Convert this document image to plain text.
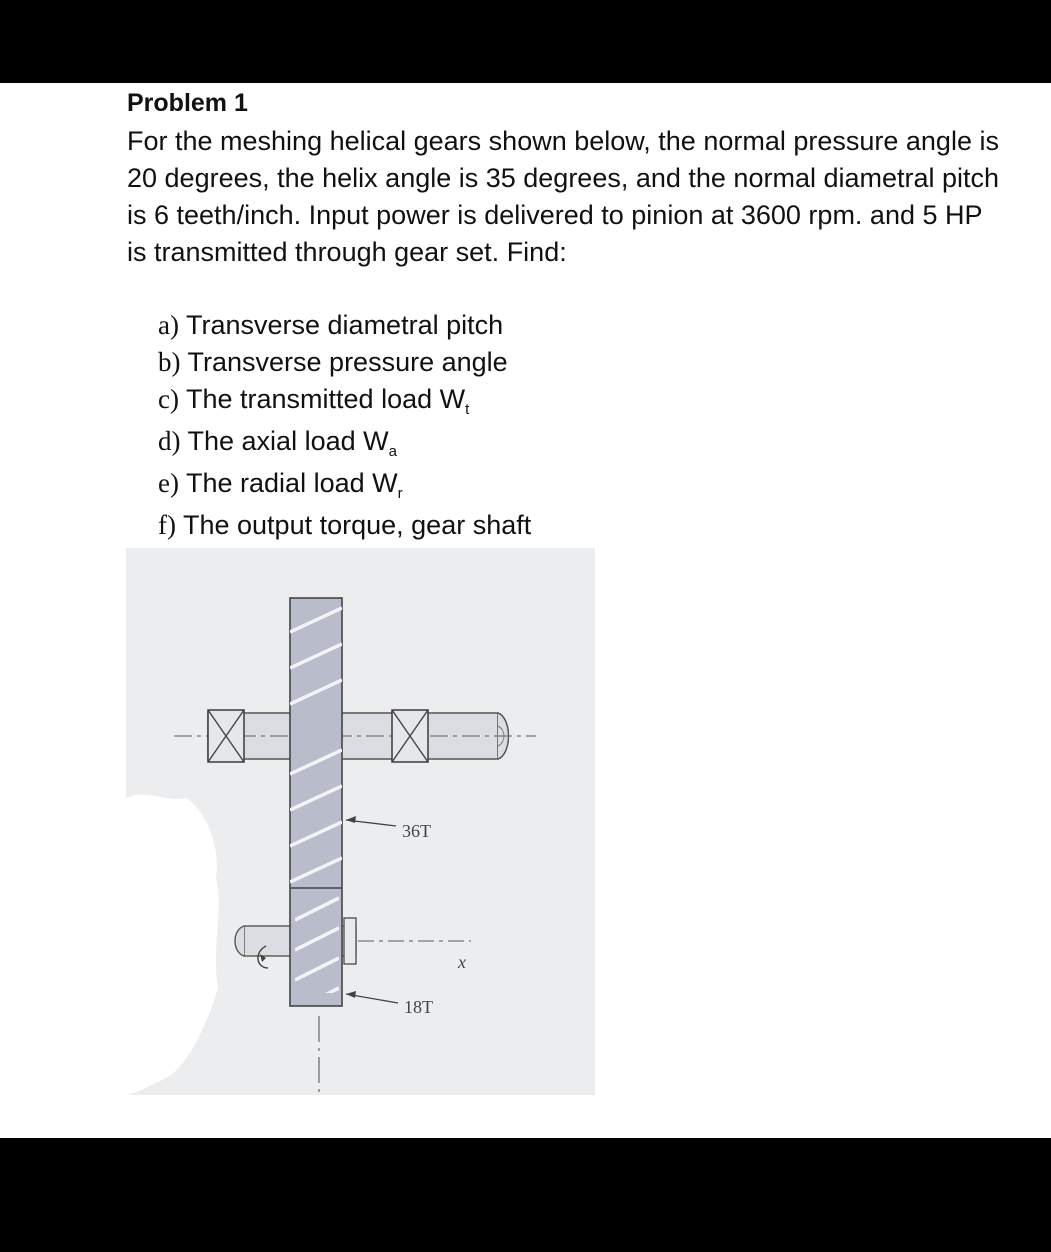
Problem 1

For the meshing helical gears shown below, the normal pressure angle is 20 degrees, the helix angle is 35 degrees, and the normal diametral pitch is 6 teeth/inch. Input power is delivered to pinion at 3600 rpm. and 5 HP is transmitted through gear set. Find:

a) Transverse diametral pitch
b) Transverse pressure angle
c) The transmitted load $W_t$
d) The axial load $W_a$
e) The radial load $W_r$
f) The output torque, gear shaft
x
36T
18T
